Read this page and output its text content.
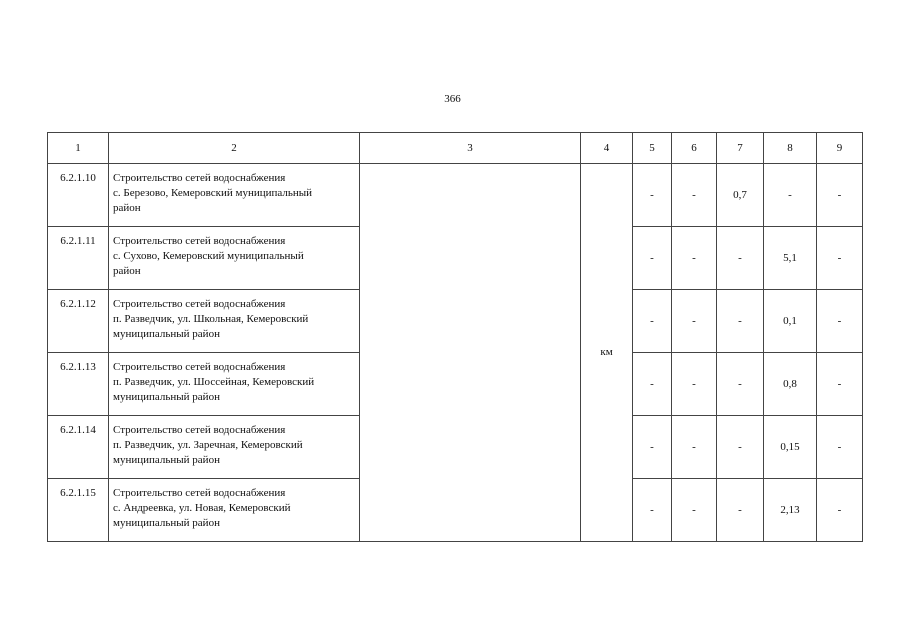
366
1	2	3	4	5	6	7	8	9
6.2.1.10	Строительство сетей водоснабжения
с. Березово, Кемеровский муниципальный
район		км	-	-	0,7	-	-
6.2.1.11	Строительство сетей водоснабжения
с. Сухово, Кемеровский муниципальный
район			-	-	-	5,1	-
6.2.1.12	Строительство сетей водоснабжения
п. Разведчик, ул. Школьная, Кемеровский
муниципальный район			-	-	-	0,1	-
6.2.1.13	Строительство сетей водоснабжения
п. Разведчик, ул. Шоссейная, Кемеровский
муниципальный район			-	-	-	0,8	-
6.2.1.14	Строительство сетей водоснабжения
п. Разведчик, ул. Заречная, Кемеровский
муниципальный район			-	-	-	0,15	-
6.2.1.15	Строительство сетей водоснабжения
с. Андреевка, ул. Новая, Кемеровский
муниципальный район			-	-	-	2,13	-
